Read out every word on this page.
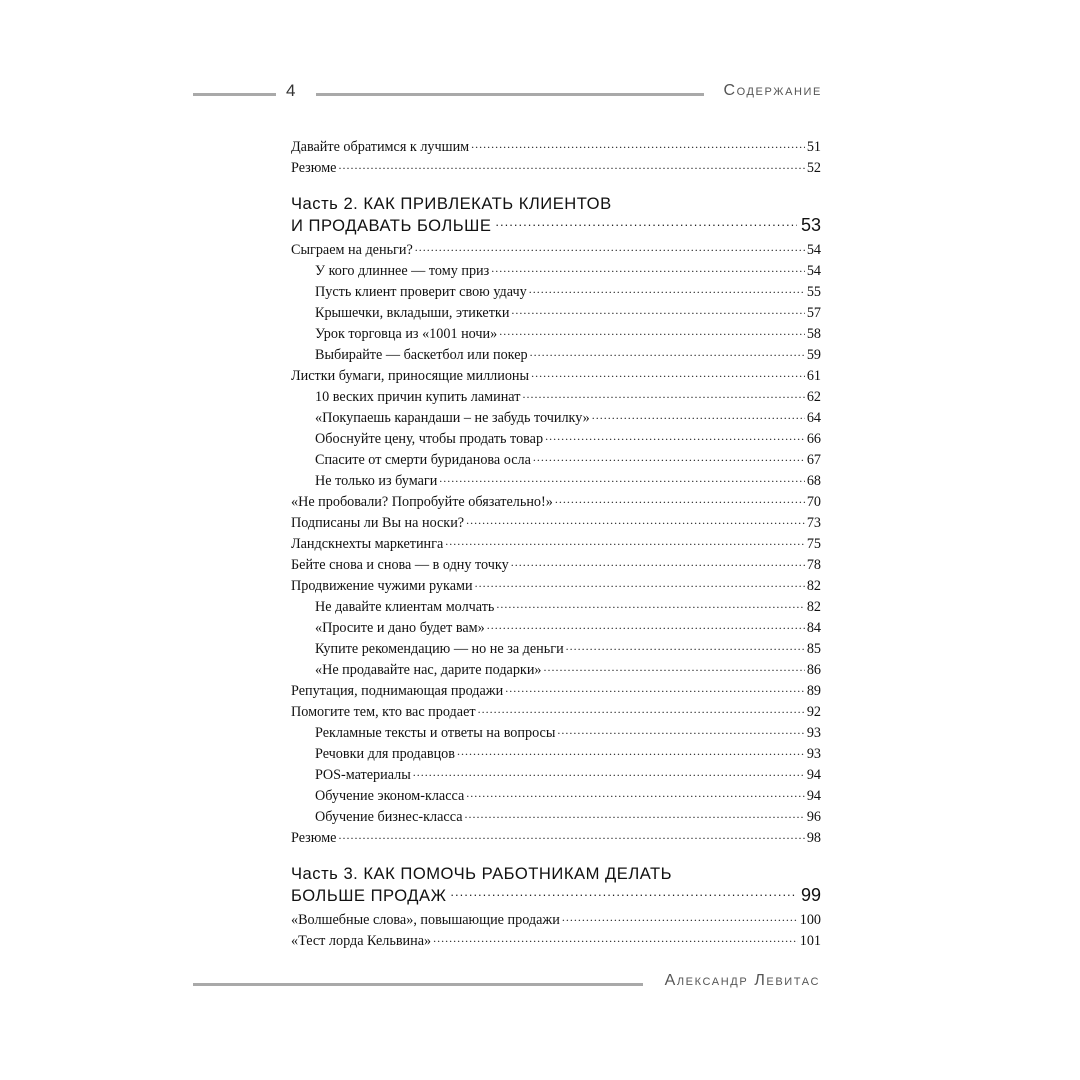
4	Содержание
Давайте обратимся к лучшим .....	51
Резюме .....	52
Часть 2. КАК ПРИВЛЕКАТЬ КЛИЕНТОВ
И ПРОДАВАТЬ БОЛЬШЕ .....	53
Сыграем на деньги? .....	54
У кого длиннее — тому приз .....	54
Пусть клиент проверит свою удачу .....	55
Крышечки, вкладыши, этикетки .....	57
Урок торговца из «1001 ночи» .....	58
Выбирайте — баскетбол или покер .....	59
Листки бумаги, приносящие миллионы .....	61
10 веских причин купить ламинат .....	62
«Покупаешь карандаши – не забудь точилку» .....	64
Обоснуйте цену, чтобы продать товар .....	66
Спасите от смерти буриданова осла .....	67
Не только из бумаги .....	68
«Не пробовали? Попробуйте обязательно!» .....	70
Подписаны ли Вы на носки? .....	73
Ландскнехты маркетинга .....	75
Бейте снова и снова — в одну точку .....	78
Продвижение чужими руками .....	82
Не давайте клиентам молчать .....	82
«Просите и дано будет вам» .....	84
Купите рекомендацию — но не за деньги .....	85
«Не продавайте нас, дарите подарки» .....	86
Репутация, поднимающая продажи .....	89
Помогите тем, кто вас продает .....	92
Рекламные тексты и ответы на вопросы .....	93
Речовки для продавцов .....	93
POS-материалы .....	94
Обучение эконом-класса .....	94
Обучение бизнес-класса .....	96
Резюме .....	98
Часть 3. КАК ПОМОЧЬ РАБОТНИКАМ ДЕЛАТЬ
БОЛЬШЕ ПРОДАЖ .....	99
«Волшебные слова», повышающие продажи .....	100
«Тест лорда Кельвина» .....	101
Александр Левитас
